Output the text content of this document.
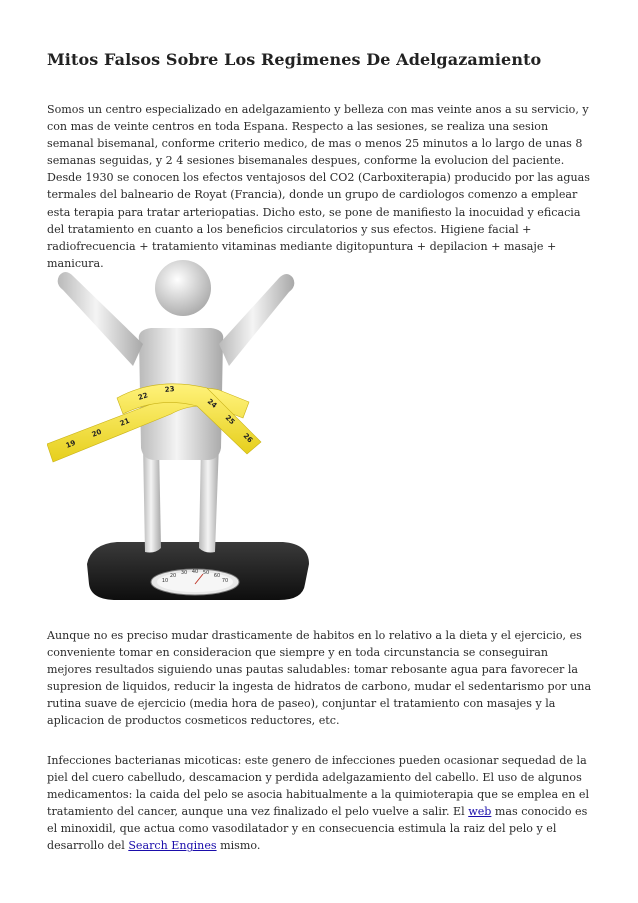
Mitos Falsos Sobre Los Regimenes De Adelgazamiento

Somos un centro especializado en adelgazamiento y belleza con mas veinte anos a su servicio, y con mas de veinte centros en toda Espana. Respecto a las sesiones, se realiza una sesion semanal bisemanal, conforme criterio medico, de mas o menos 25 minutos a lo largo de unas 8 semanas seguidas, y 2 4 sesiones bisemanales despues, conforme la evolucion del paciente. Desde 1930 se conocen los efectos ventajosos del CO2 (Carboxiterapia) producido por las aguas termales del balneario de Royat (Francia), donde un grupo de cardiologos comenzo a emplear esta terapia para tratar arteriopatias. Dicho esto, se pone de manifiesto la inocuidad y eficacia del tratamiento en cuanto a los beneficios circulatorios y sus efectos. Higiene facial + radiofrecuencia + tratamiento vitaminas mediante digitopuntura + depilacion + masaje + manicura.

10
20 30 40 50 60
70
19
20
21
22
23
24
25
26

Aunque no es preciso mudar drasticamente de habitos en lo relativo a la dieta y el ejercicio, es conveniente tomar en consideracion que siempre y en toda circunstancia se conseguiran mejores resultados siguiendo unas pautas saludables: tomar rebosante agua para favorecer la supresion de liquidos, reducir la ingesta de hidratos de carbono, mudar el sedentarismo por una rutina suave de ejercicio (media hora de paseo), conjuntar el tratamiento con masajes y la aplicacion de productos cosmeticos reductores, etc.

Infecciones bacterianas micoticas: este genero de infecciones pueden ocasionar sequedad de la piel del cuero cabelludo, descamacion y perdida adelgazamiento del cabello. El uso de algunos medicamentos: la caida del pelo se asocia habitualmente a la quimioterapia que se emplea en el tratamiento del cancer, aunque una vez finalizado el pelo vuelve a salir. El web mas conocido es el minoxidil, que actua como vasodilatador y en consecuencia estimula la raiz del pelo y el desarrollo del Search Engines mismo.
